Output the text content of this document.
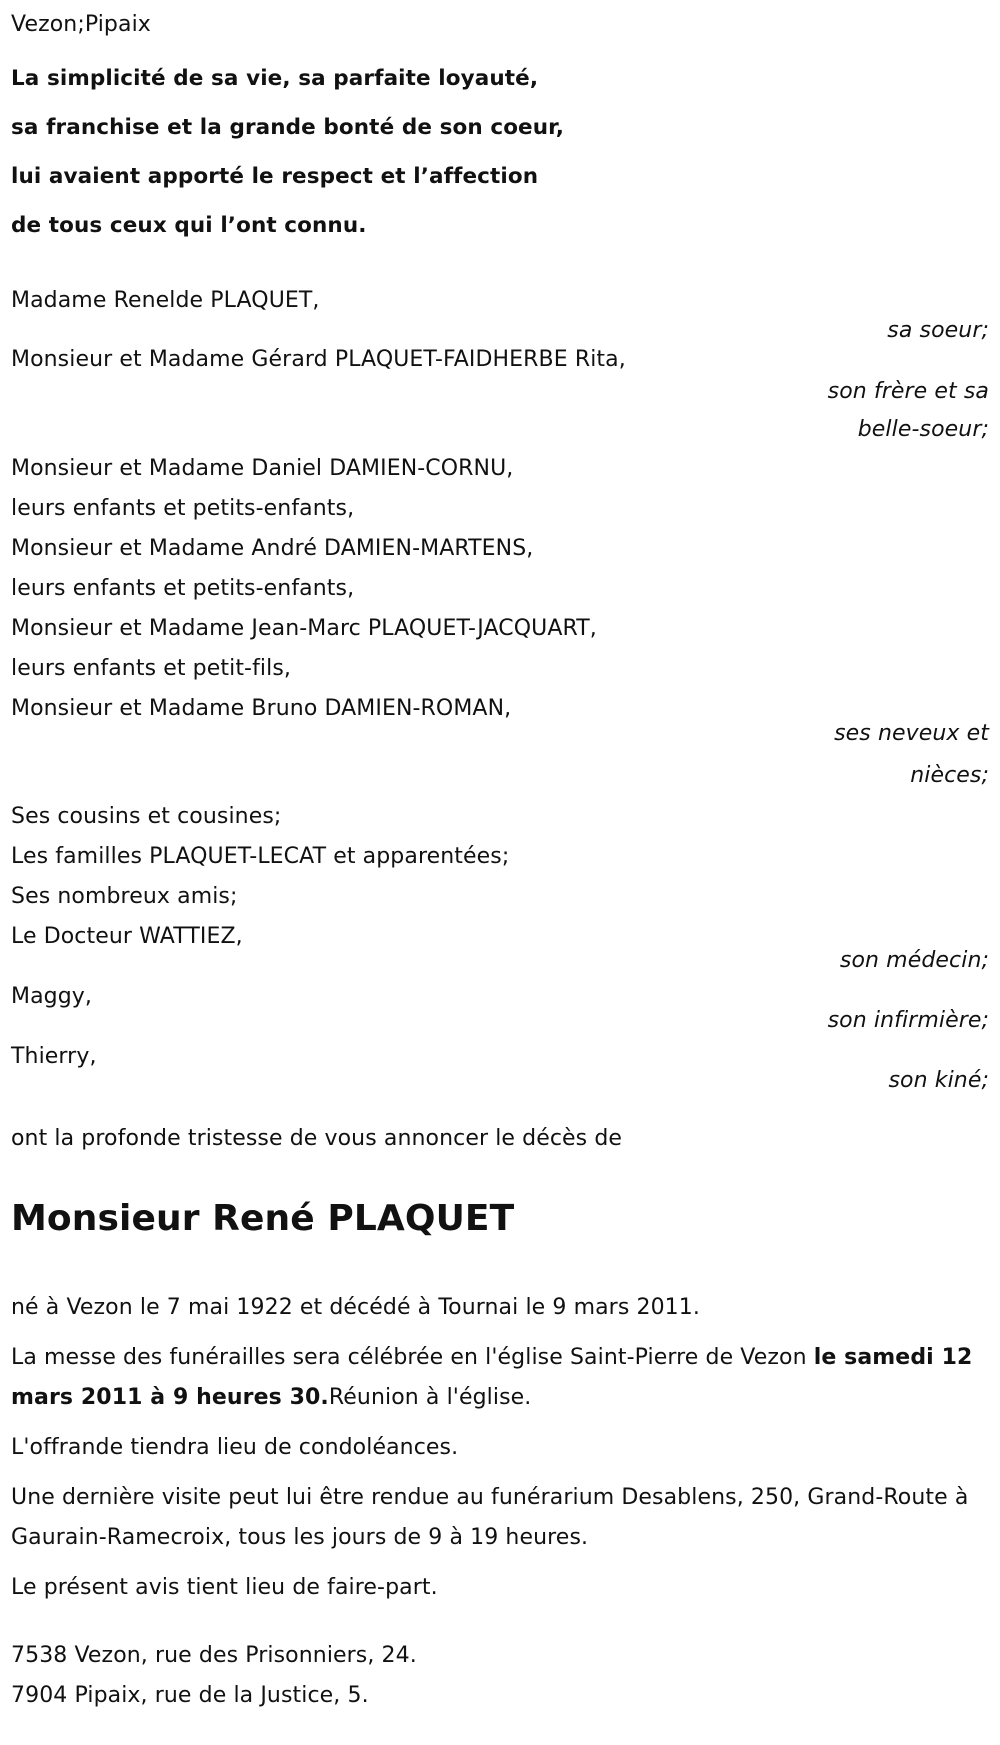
Vezon;Pipaix
La simplicité de sa vie, sa parfaite loyauté,
sa franchise et la grande bonté de son coeur,
lui avaient apporté le respect et l’affection
de tous ceux qui l’ont connu.
Madame Renelde PLAQUET,
sa soeur;
Monsieur et Madame Gérard PLAQUET-FAIDHERBE Rita,
son frère et sa belle-soeur;
Monsieur et Madame Daniel DAMIEN-CORNU,
leurs enfants et petits-enfants,
Monsieur et Madame André DAMIEN-MARTENS,
leurs enfants et petits-enfants,
Monsieur et Madame Jean-Marc PLAQUET-JACQUART,
leurs enfants et petit-fils,
Monsieur et Madame Bruno DAMIEN-ROMAN,
ses neveux et nièces;
Ses cousins et cousines;
Les familles PLAQUET-LECAT et apparentées;
Ses nombreux amis;
Le Docteur WATTIEZ,
son médecin;
Maggy,
son infirmière;
Thierry,
son kiné;
ont la profonde tristesse de vous annoncer le décès de
Monsieur René PLAQUET
né à Vezon le 7 mai 1922 et décédé à Tournai le 9 mars 2011.
La messe des funérailles sera célébrée en l'église Saint-Pierre de Vezon le samedi 12 mars 2011 à 9 heures 30.Réunion à l'église.
L'offrande tiendra lieu de condoléances.
Une dernière visite peut lui être rendue au funérarium Desablens, 250, Grand-Route à Gaurain-Ramecroix, tous les jours de 9 à 19 heures.
Le présent avis tient lieu de faire-part.
7538 Vezon, rue des Prisonniers, 24.
7904 Pipaix, rue de la Justice, 5.
